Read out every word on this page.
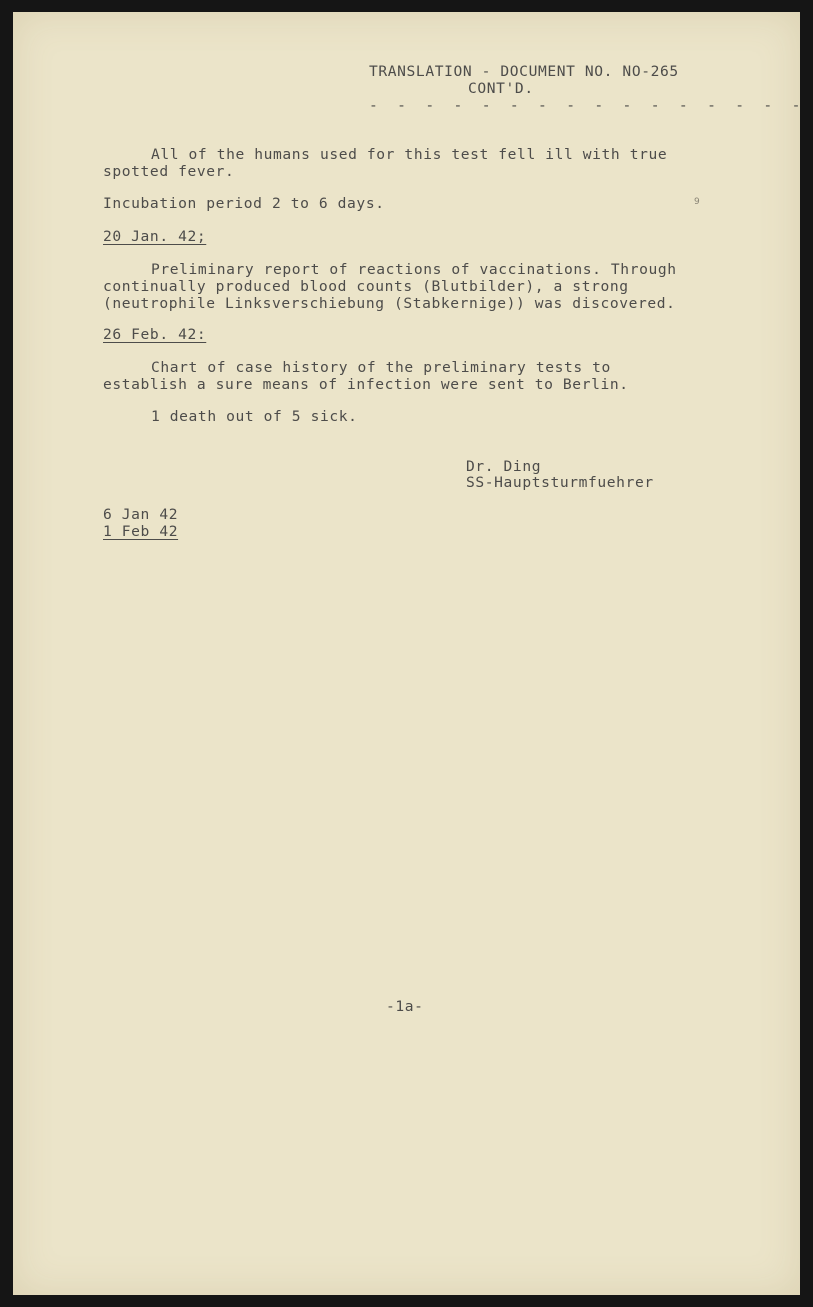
TRANSLATION - DOCUMENT NO. NO-265

CONT'D.

- - - - - - - - - - - - - - - -

All of the humans used for this test fell ill with true

spotted fever.

Incubation period 2 to 6 days.	9

20 Jan. 42;

Preliminary report of reactions of vaccinations. Through

continually produced blood counts (Blutbilder), a strong

(neutrophile Linksverschiebung (Stabkernige)) was discovered.

26 Feb. 42:

Chart of case history of the preliminary tests to

establish a sure means of infection were sent to Berlin.

1 death out of 5 sick.

Dr. Ding

SS-Hauptsturmfuehrer

6 Jan 42

1 Feb 42

-1a-
